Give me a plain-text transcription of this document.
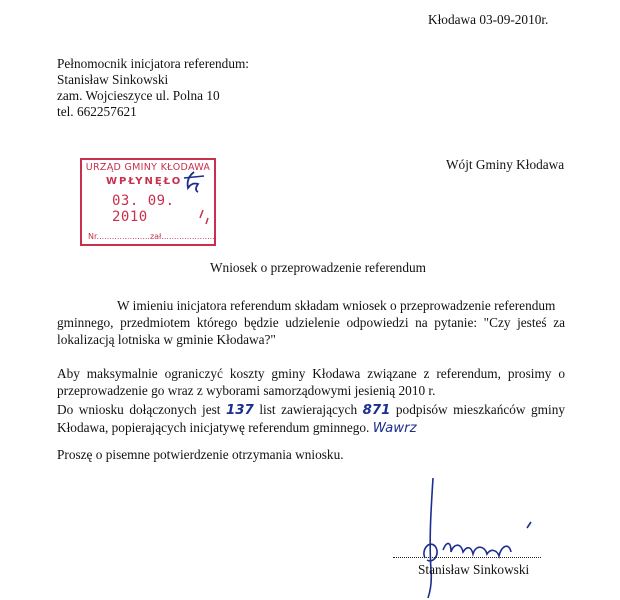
Kłodawa 03-09-2010r.
Pełnomocnik inicjatora referendum:
Stanisław Sinkowski
zam. Wojcieszyce ul. Polna 10
tel. 662257621
Wójt Gminy Kłodawa
URZĄD GMINY KŁODAWA
WPŁYNĘŁO
03. 09. 2010
Nr.....................zał.....................
Wniosek o przeprowadzenie referendum
W imieniu inicjatora referendum składam wniosek o przeprowadzenie referendum
gminnego, przedmiotem którego będzie udzielenie odpowiedzi na pytanie: "Czy jesteś za lokalizacją lotniska w gminie Kłodawa?"
Aby maksymalnie ograniczyć koszty gminy Kłodawa związane z referendum, prosimy o przeprowadzenie go wraz z wyborami samorządowymi jesienią 2010 r.
Do wniosku dołączonych jest 137 list zawierających 871 podpisów mieszkańców gminy Kłodawa, popierających inicjatywę referendum gminnego. Wawrz
Proszę o pisemne potwierdzenie otrzymania wniosku.
Stanisław Sinkowski
